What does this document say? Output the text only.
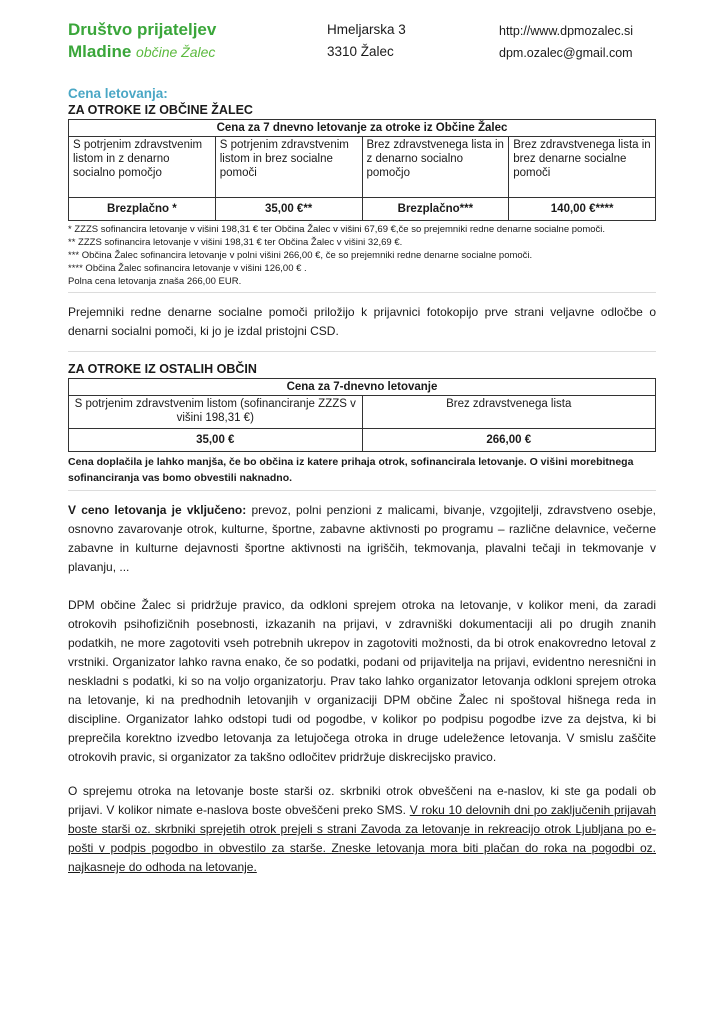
Društvo prijateljev
Mladine občine Žalec
Hmeljarska 3
3310 Žalec
http://www.dpmozalec.si
dpm.ozalec@gmail.com
Cena letovanja:
ZA OTROKE IZ OBČINE ŽALEC
Cena za 7 dnevno letovanje za otroke iz Občine Žalec			
S potrjenim zdravstvenim listom in z denarno socialno pomočjo	S potrjenim zdravstvenim listom in brez socialne pomoči	Brez zdravstvenega lista in z denarno socialno pomočjo	Brez zdravstvenega lista in brez denarne socialne pomoči
Brezplačno *	35,00 €**	Brezplačno***	140,00 €****
* ZZZS sofinancira letovanje v višini 198,31 € ter Občina Žalec v višini 67,69 €,če so prejemniki redne denarne socialne pomoči.
** ZZZS sofinancira letovanje v višini 198,31 € ter Občina Žalec v višini 32,69 €.
*** Občina Žalec sofinancira letovanje v polni višini 266,00 €, če so prejemniki redne denarne socialne pomoči.
**** Občina Žalec sofinancira letovanje v višini 126,00 € .
Polna cena letovanja znaša 266,00 EUR.

Prejemniki redne denarne socialne pomoči priložijo k prijavnici fotokopijo prve strani veljavne odločbe o denarni socialni pomoči, ki jo je izdal pristojni CSD.

ZA OTROKE IZ OSTALIH OBČIN
Cena za 7-dnevno letovanje	
S potrjenim zdravstvenim listom (sofinanciranje ZZZS v višini 198,31 €)	Brez zdravstvenega lista
35,00 €	266,00 €
Cena doplačila je lahko manjša, če bo občina iz katere prihaja otrok, sofinancirala letovanje. O višini morebitnega sofinanciranja vas bomo obvestili naknadno.

V ceno letovanja je vključeno: prevoz, polni penzioni z malicami, bivanje, vzgojitelji, zdravstveno osebje, osnovno zavarovanje otrok, kulturne, športne, zabavne aktivnosti po programu – različne delavnice, večerne zabavne in kulturne dejavnosti športne aktivnosti na igriščih, tekmovanja, plavalni tečaji in tekmovanje v plavanju, ...

DPM občine Žalec si pridržuje pravico, da odkloni sprejem otroka na letovanje, v kolikor meni, da zaradi otrokovih psihofizičnih posebnosti, izkazanih na prijavi, v zdravniški dokumentaciji ali po drugih znanih podatkih, ne more zagotoviti vseh potrebnih ukrepov in zagotoviti možnosti, da bi otrok enakovredno letoval z vrstniki. Organizator lahko ravna enako, če so podatki, podani od prijavitelja na prijavi, evidentno neresnični in neskladni s podatki, ki so na voljo organizatorju. Prav tako lahko organizator letovanja odkloni sprejem otroka na letovanje, ki na predhodnih letovanjih v organizaciji DPM občine Žalec ni spoštoval hišnega reda in discipline. Organizator lahko odstopi tudi od pogodbe, v kolikor po podpisu pogodbe izve za dejstva, ki bi preprečila korektno izvedbo letovanja za letujočega otroka in druge udeležence letovanja. V smislu zaščite otrokovih pravic, si organizator za takšno odločitev pridržuje diskrecijsko pravico.

O sprejemu otroka na letovanje boste starši oz. skrbniki otrok obveščeni na e-naslov, ki ste ga podali ob prijavi. V kolikor nimate e-naslova boste obveščeni preko SMS. V roku 10 delovnih dni po zaključenih prijavah boste starši oz. skrbniki sprejetih otrok prejeli s strani Zavoda za letovanje in rekreacijo otrok Ljubljana po e-pošti v podpis pogodbo in obvestilo za starše. Zneske letovanja mora biti plačan do roka na pogodbi oz. najkasneje do odhoda na letovanje.
